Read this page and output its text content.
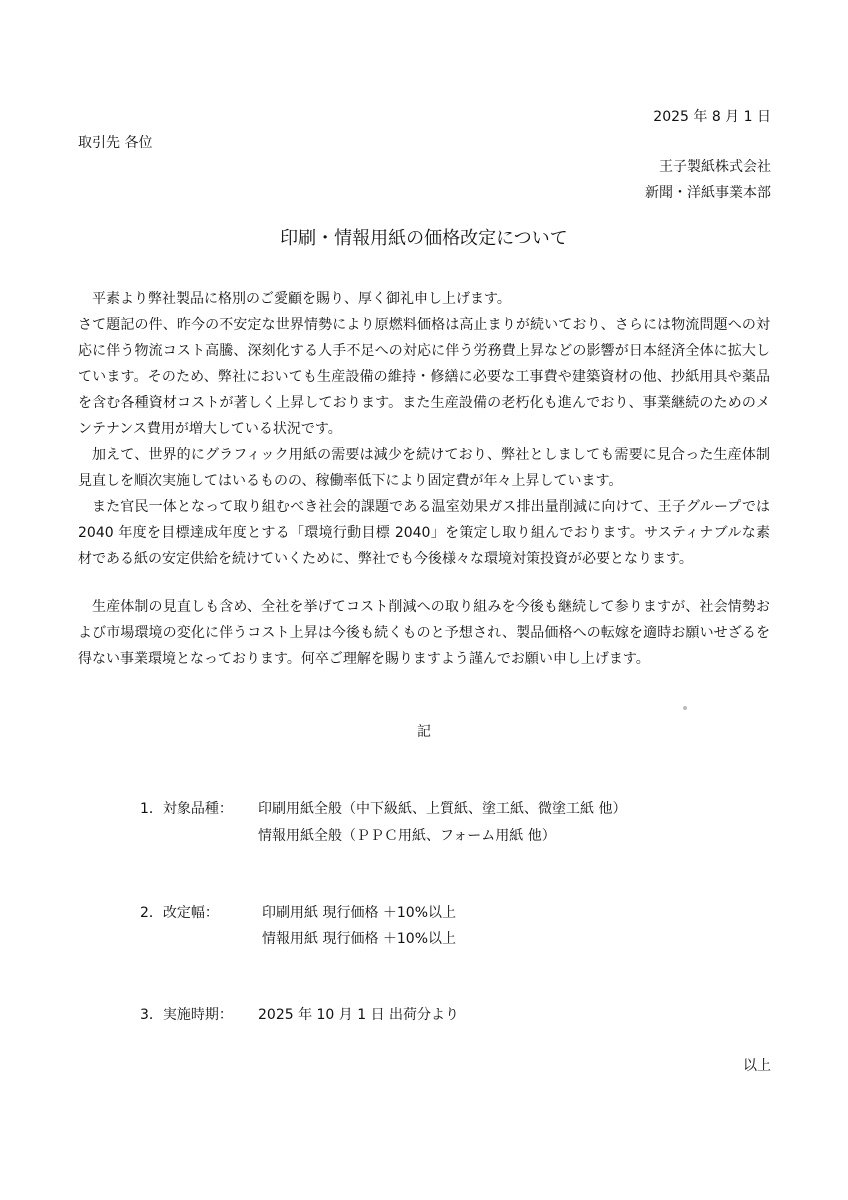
2025 年 8 月 1 日
取引先 各位
王子製紙株式会社
新聞・洋紙事業本部
印刷・情報用紙の価格改定について

平素より弊社製品に格別のご愛顧を賜り、厚く御礼申し上げます。

さて題記の件、昨今の不安定な世界情勢により原燃料価格は高止まりが続いており、さらには物流問題への対応に伴う物流コスト高騰、深刻化する人手不足への対応に伴う労務費上昇などの影響が日本経済全体に拡大しています。そのため、弊社においても生産設備の維持・修繕に必要な工事費や建築資材の他、抄紙用具や薬品を含む各種資材コストが著しく上昇しております。また生産設備の老朽化も進んでおり、事業継続のためのメンテナンス費用が増大している状況です。

加えて、世界的にグラフィック用紙の需要は減少を続けており、弊社としましても需要に見合った生産体制見直しを順次実施してはいるものの、稼働率低下により固定費が年々上昇しています。

また官民一体となって取り組むべき社会的課題である温室効果ガス排出量削減に向けて、王子グループでは2040 年度を目標達成年度とする「環境行動目標 2040」を策定し取り組んでおります。サスティナブルな素材である紙の安定供給を続けていくために、弊社でも今後様々な環境対策投資が必要となります。

生産体制の見直しも含め、全社を挙げてコスト削減への取り組みを今後も継続して参りますが、社会情勢および市場環境の変化に伴うコスト上昇は今後も続くものと予想され、製品価格への転嫁を適時お願いせざるを得ない事業環境となっております。何卒ご理解を賜りますよう謹んでお願い申し上げます。

記
1．対象品種： 印刷用紙全般（中下級紙、上質紙、塗工紙、微塗工紙 他）
情報用紙全般（ＰＰＣ用紙、フォーム用紙 他）
2．改定幅：	印刷用紙 現行価格 ＋10%以上
情報用紙 現行価格 ＋10%以上
3．実施時期： 2025 年 10 月 1 日 出荷分より
以上
